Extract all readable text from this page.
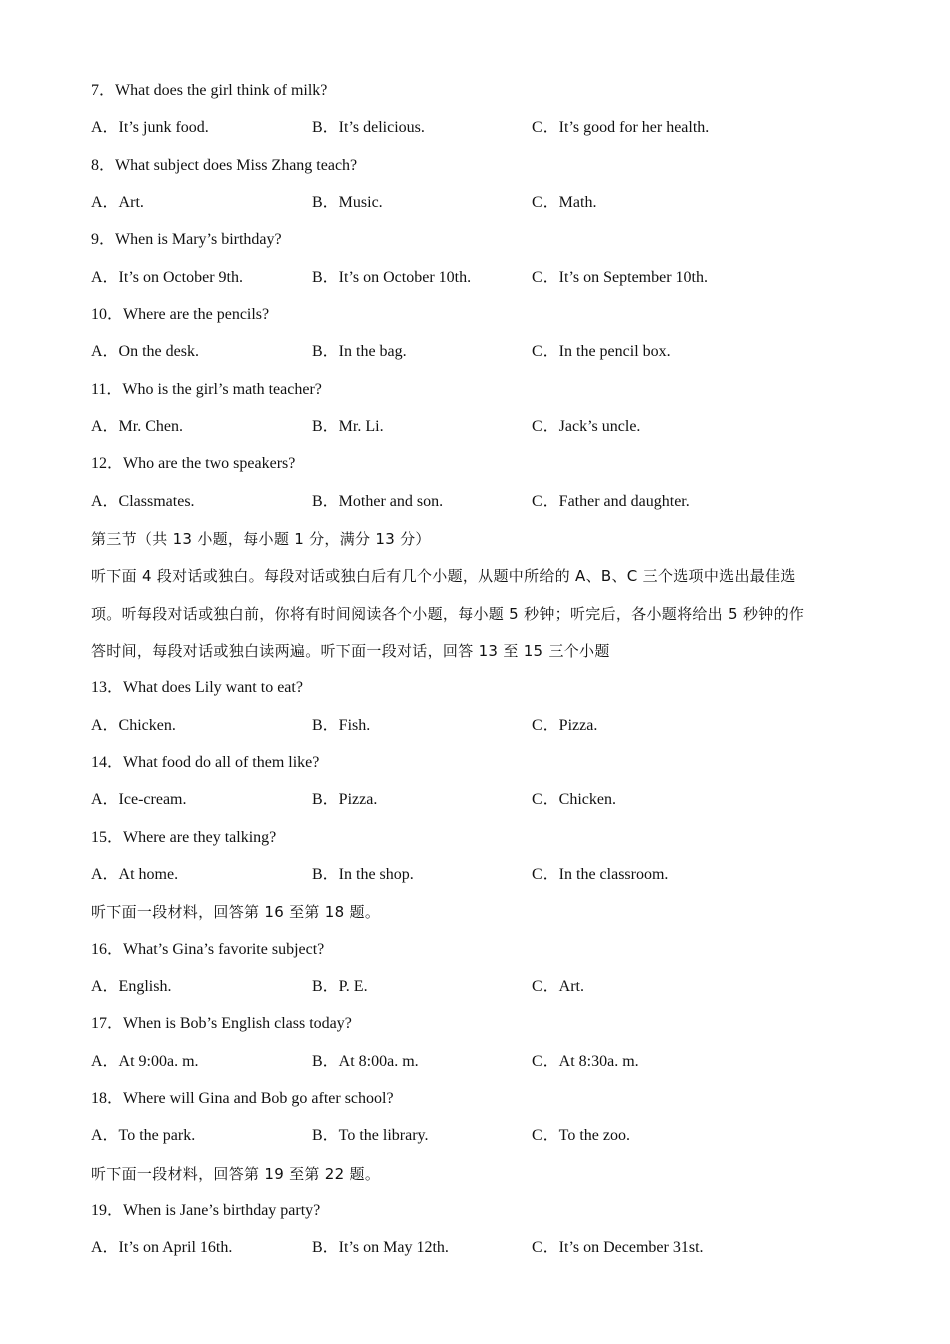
7．What does the girl think of milk?
A．It’s junk food.	B．It’s delicious.	C．It’s good for her health.
8．What subject does Miss Zhang teach?
A．Art.	B．Music.	C．Math.
9．When is Mary’s birthday?
A．It’s on October 9th.	B．It’s on October 10th.	C．It’s on September 10th.
10．Where are the pencils?
A．On the desk.	B．In the bag.	C．In the pencil box.
11．Who is the girl’s math teacher?
A．Mr. Chen.	B．Mr. Li.	C．Jack’s uncle.
12．Who are the two speakers?
A．Classmates.	B．Mother and son.	C．Father and daughter.
第三节（共 13 小题，每小题 1 分，满分 13 分）
听下面 4 段对话或独白。每段对话或独白后有几个小题，从题中所给的 A、B、C 三个选项中选出最佳选
项。听每段对话或独白前，你将有时间阅读各个小题，每小题 5 秒钟；听完后，各小题将给出 5 秒钟的作
答时间，每段对话或独白读两遍。听下面一段对话，回答 13 至 15 三个小题
13．What does Lily want to eat?
A．Chicken.	B．Fish.	C．Pizza.
14．What food do all of them like?
A．Ice-cream.	B．Pizza.	C．Chicken.
15．Where are they talking?
A．At home.	B．In the shop.	C．In the classroom.
听下面一段材料，回答第 16 至第 18 题。
16．What’s Gina’s favorite subject?
A．English.	B．P. E.	C．Art.
17．When is Bob’s English class today?
A．At 9:00a. m.	B．At 8:00a. m.	C．At 8:30a. m.
18．Where will Gina and Bob go after school?
A．To the park.	B．To the library.	C．To the zoo.
听下面一段材料，回答第 19 至第 22 题。
19．When is Jane’s birthday party?
A．It’s on April 16th.	B．It’s on May 12th.	C．It’s on December 31st.
